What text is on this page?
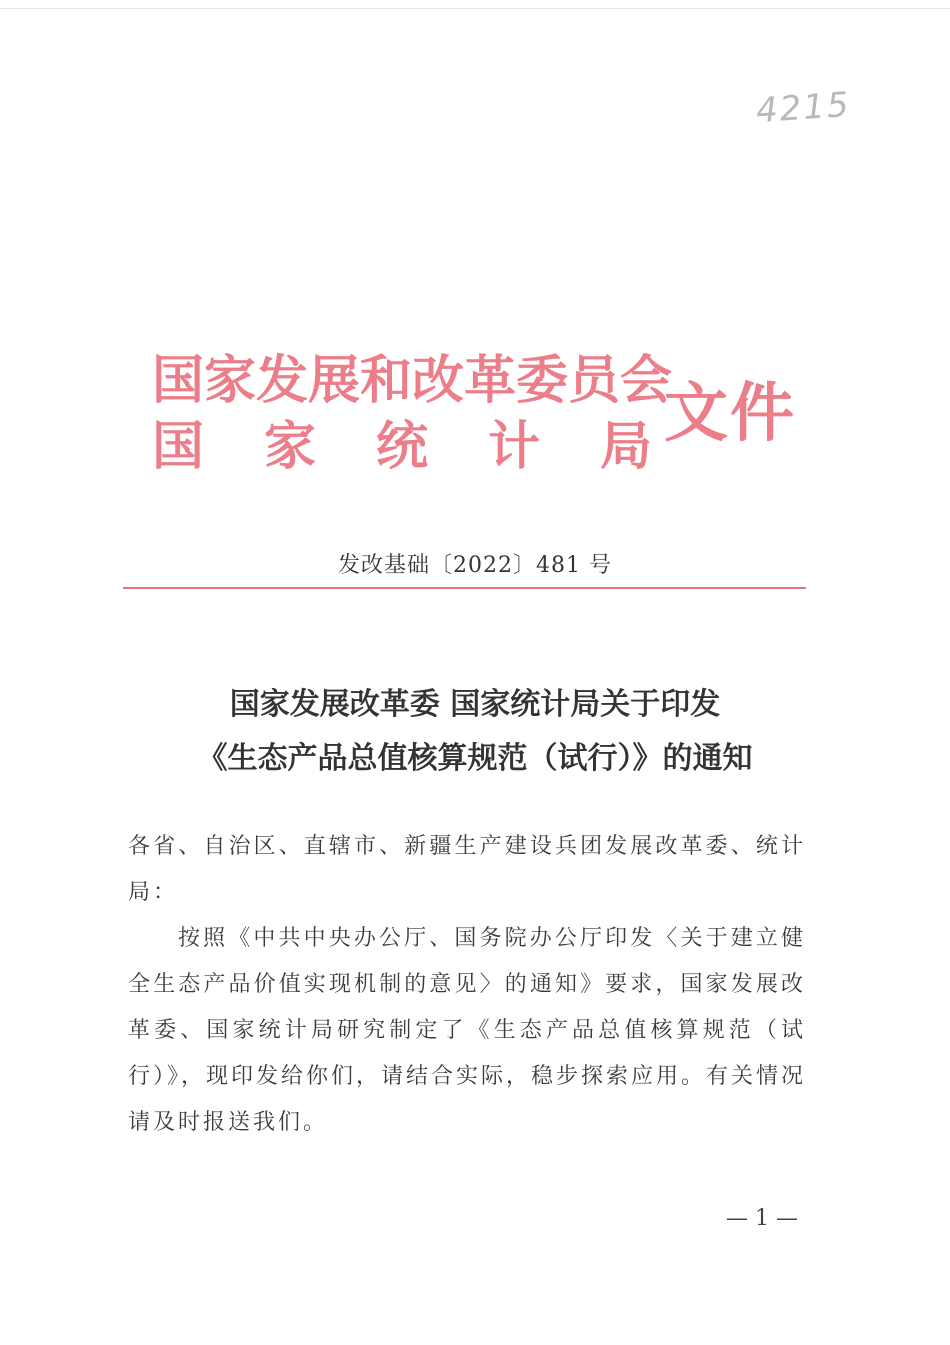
4215
国家发展和改革委员会
国 家 统 计 局 文件
发改基础〔2022〕481 号
国家发展改革委 国家统计局关于印发
《生态产品总值核算规范（试行）》的通知

各省、自治区、直辖市、新疆生产建设兵团发展改革委、统计局：

按照《中共中央办公厅、国务院办公厅印发〈关于建立健全生态产品价值实现机制的意见〉的通知》要求，国家发展改革委、国家统计局研究制定了《生态产品总值核算规范（试行）》，现印发给你们，请结合实际，稳步探索应用。有关情况请及时报送我们。

— 1 —
